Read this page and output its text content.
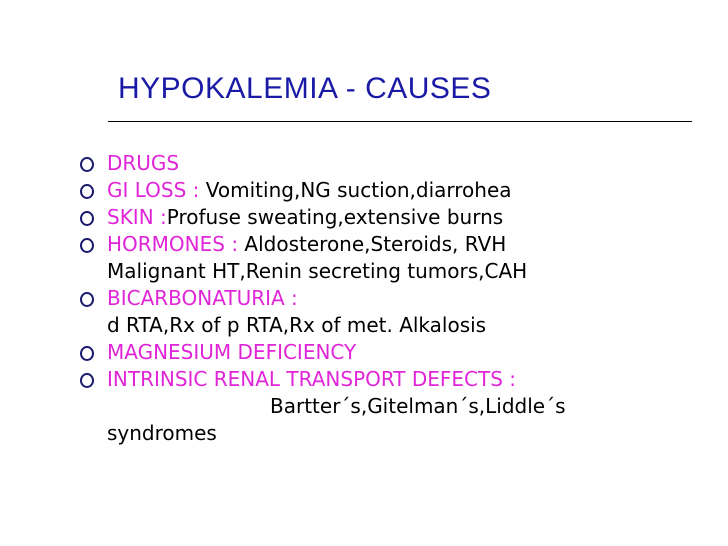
HYPOKALEMIA - CAUSES
DRUGS
GI LOSS : Vomiting,NG suction,diarrohea
SKIN :Profuse sweating,extensive burns
HORMONES : Aldosterone,Steroids, RVH
Malignant HT,Renin secreting tumors,CAH
BICARBONATURIA :
d RTA,Rx of p RTA,Rx of met. Alkalosis
MAGNESIUM DEFICIENCY
INTRINSIC RENAL TRANSPORT DEFECTS :
Bartter´s,Gitelman´s,Liddle´s
syndromes
